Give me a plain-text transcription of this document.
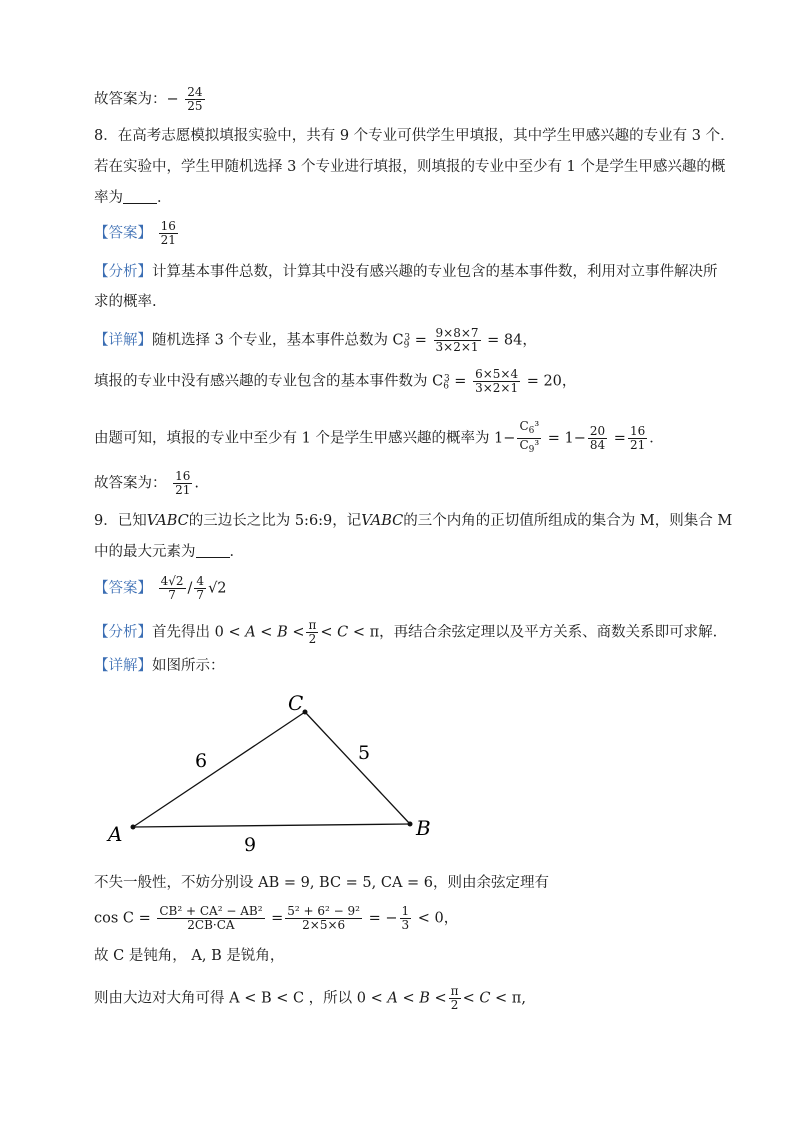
故答案为：− $\frac{24}{25}$
8．在高考志愿模拟填报实验中，共有 9 个专业可供学生甲填报，其中学生甲感兴趣的专业有 3 个．
若在实验中，学生甲随机选择 3 个专业进行填报，则填报的专业中至少有 1 个是学生甲感兴趣的概
率为 ．
【答案】 $\frac{16}{21}$
【分析】计算基本事件总数，计算其中没有感兴趣的专业包含的基本事件数，利用对立事件解决所
求的概率.
【详解】随机选择 3 个专业，基本事件总数为 $C_9^3 = \frac{9\times 8\times 7}{3\times 2\times 1} = 84$，
填报的专业中没有感兴趣的专业包含的基本事件数为 $C_6^3 = \frac{6\times 5\times 4}{3\times 2\times 1} = 20$，
由题可知，填报的专业中至少有 1 个是学生甲感兴趣的概率为 $1- \frac{C_6^3}{C_9^3} = 1- \frac{20}{84} = \frac{16}{21}$ ．
故答案为： $\frac{16}{21}$ .
9．已知VABC的三边长之比为 5:6:9，记VABC的三个内角的正切值所组成的集合为 M，则集合 M
中的最大元素为 ．
【答案】 $\frac{4√2}{7} / \frac{4}{7} √2$
【分析】首先得出 $0 < A < B < \frac{\pi}{2} < C < \pi$，再结合余弦定理以及平方关系、商数关系即可求解.
【详解】如图所示：
A	B
C
6	5
9
不失一般性，不妨分别设 AB = 9, BC = 5, CA = 6，则由余弦定理有
$\cos C = \frac{\text{CB² + CA² − AB²}}{2CB\cdot CA} = \frac{\text{5² + 6² − 9²}}{2\times 5\times 6}$ = − $\frac{1}{3} < 0$，
故 C 是钝角， A, B 是锐角，
则由大边对大角可得 A < B < C ，所以 $0 < A < B < \frac{\pi}{2} < C < \pi$,
